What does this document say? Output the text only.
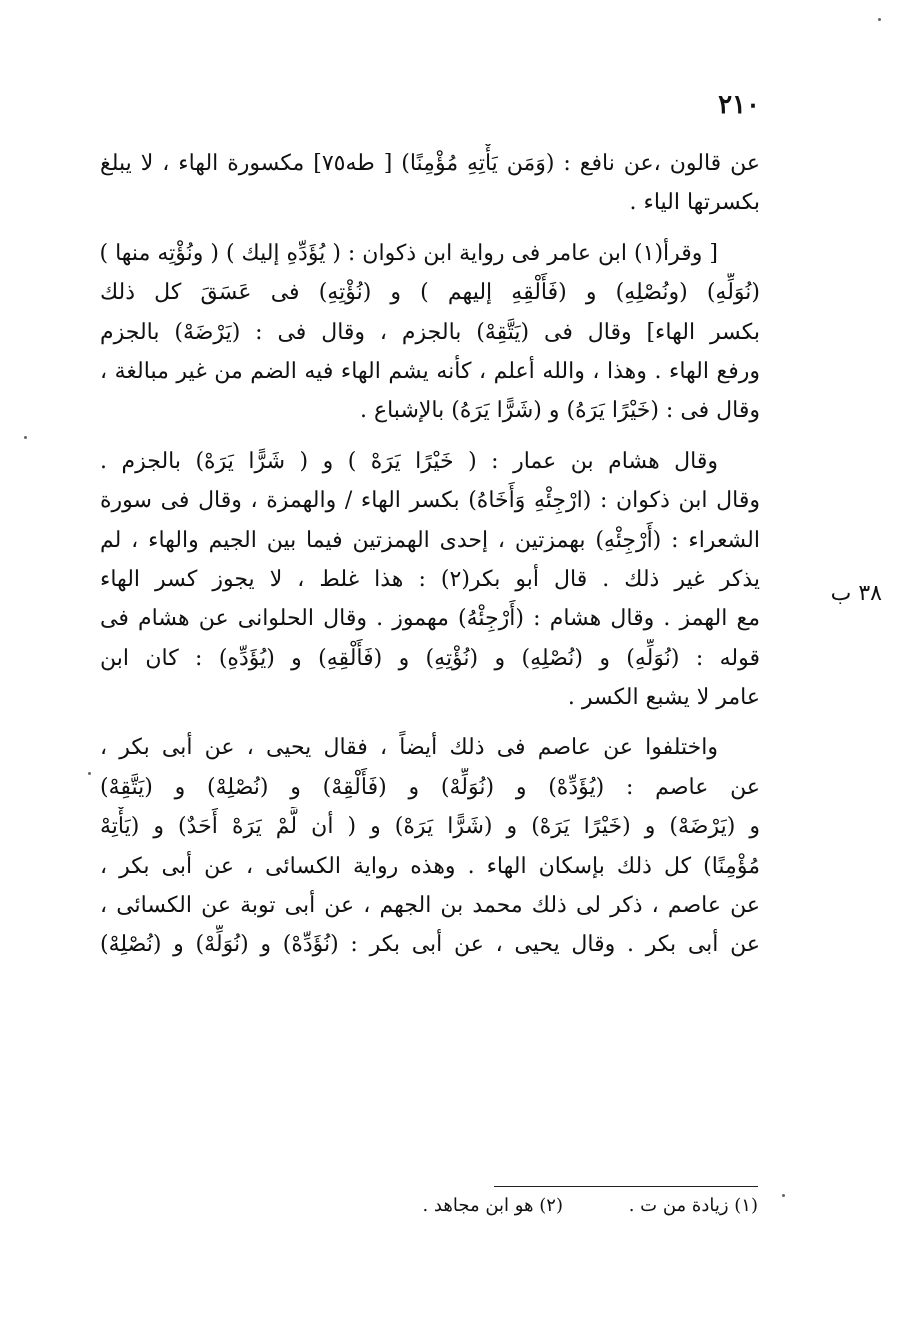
٢١٠
٣٨ ب
عن قالون ،عن نافع : (وَمَن يَأْتِهِ مُؤْمِنًا) [ طه٧٥] مكسورة الهاء ، لا يبلغ
بكسرتها الياء .
[ وقرأ(١) ابن عامر فى رواية ابن ذكوان : ( يُؤَدِّهِ إليك ) ( ونُؤْتِه منها )
(نُوَلِّهِ) (ونُصْلِهِ) و (فَأَلْقِهِ إليهم ) و (نُؤْتِهِ) فى عَسَقَ كل ذلك
بكسر الهاء] وقال فى (يَتَّقِهْ) بالجزم ، وقال فى : (يَرْضَهْ) بالجزم
ورفع الهاء . وهذا ، والله أعلم ، كأنه يشم الهاء فيه الضم من غير مبالغة ،
وقال فى : (خَيْرًا يَرَهُ) و (شَرًّا يَرَهُ) بالإشباع .
وقال هشام بن عمار : ( خَيْرًا يَرَهْ ) و ( شَرًّا يَرَهْ) بالجزم .
وقال ابن ذكوان : (ارْجِئْهِ وَأَخَاهُ) بكسر الهاء / والهمزة ، وقال فى سورة
الشعراء : (أَرْجِئْهِ) بهمزتين ، إحدى الهمزتين فيما بين الجيم والهاء ، لم
يذكر غير ذلك . قال أبو بكر(٢) : هذا غلط ، لا يجوز كسر الهاء
مع الهمز . وقال هشام : (أَرْجِئْهُ) مهموز . وقال الحلوانى عن هشام فى
قوله : (نُوَلِّهِ) و (نُصْلِهِ) و (نُؤْتِهِ) و (فَأَلْقِهِ) و (يُؤَدِّهِ) : كان ابن
عامر لا يشبع الكسر .
واختلفوا عن عاصم فى ذلك أيضاً ، فقال يحيى ، عن أبى بكر ،
عن عاصم : (يُؤَدِّهْ) و (نُوَلِّهْ) و (فَأَلْقِهْ) و (نُصْلِهْ) و (يَتَّقِهْ)
و (يَرْضَهْ) و (خَيْرًا يَرَهْ) و (شَرًّا يَرَهْ) و ( أن لَّمْ يَرَهْ أَحَدٌ) و (يَأْتِهْ
مُؤْمِنًا) كل ذلك بإسكان الهاء . وهذه رواية الكسائى ، عن أبى بكر ،
عن عاصم ، ذكر لى ذلك محمد بن الجهم ، عن أبى توبة عن الكسائى ،
عن أبى بكر . وقال يحيى ، عن أبى بكر : (نُؤَدِّهْ) و (نُوَلِّهْ) و (نُصْلِهْ)
(١) زيادة من ت . (٢) هو ابن مجاهد .
